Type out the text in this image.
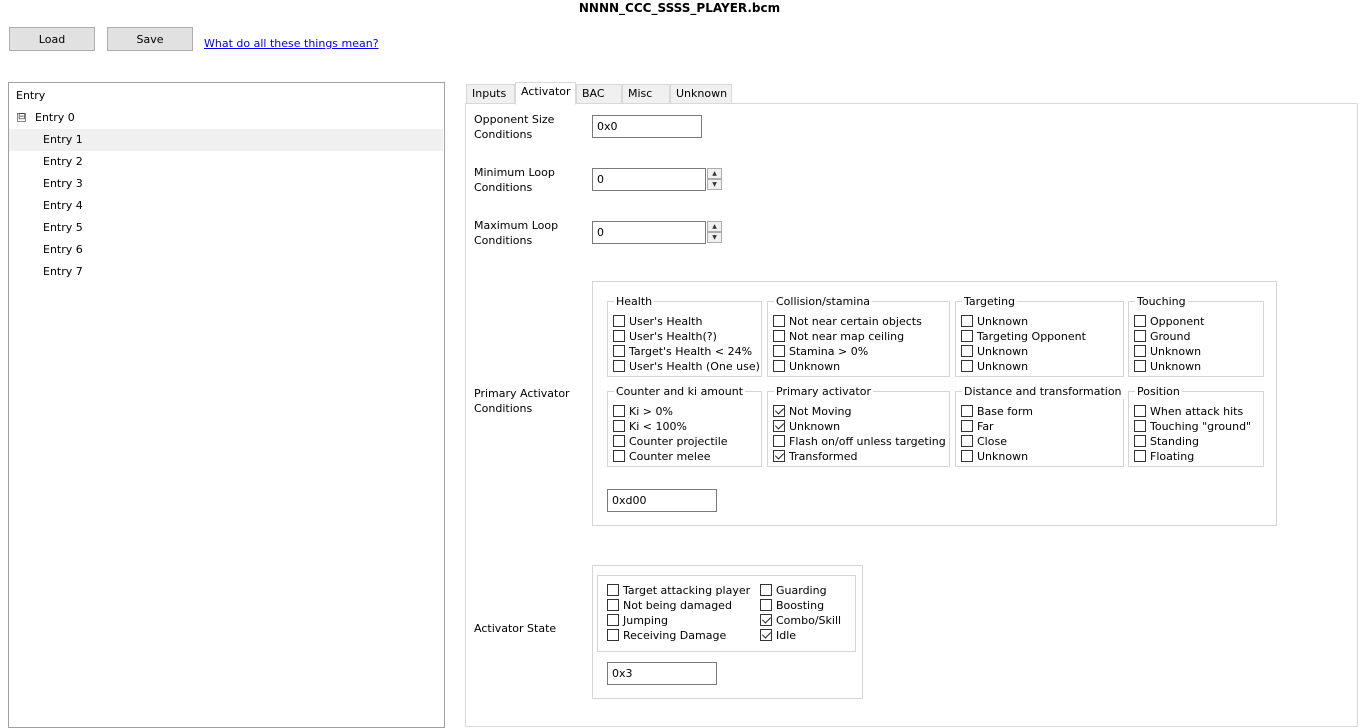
NNNN_CCC_SSSS_PLAYER.bcm
Load	Save	What do all these things mean?
Entry
⊟ Entry 0
Entry 1
Entry 2
Entry 3
Entry 4
Entry 5
Entry 6
Entry 7
Inputs	Activator	BAC	Misc	Unknown
Opponent Size
Conditions
0x0
Minimum Loop
Conditions
0	▲
▼
Maximum Loop
Conditions
0	▲
▼
Primary Activator
Conditions
Health
User's Health
User's Health(?)
Target's Health < 24%
User's Health (One use)
Collision/stamina
Not near certain objects
Not near map ceiling
Stamina > 0%
Unknown
Targeting
Unknown
Targeting Opponent
Unknown
Unknown
Touching
Opponent
Ground
Unknown
Unknown
Counter and ki amount
Ki > 0%
Ki < 100%
Counter projectile
Counter melee
Primary activator
Not Moving
Unknown
Flash on/off unless targeting
Transformed
Distance and transformation
Base form
Far
Close
Unknown
Position
When attack hits
Touching "ground"
Standing
Floating
0xd00
Activator State
Target attacking player
Not being damaged
Jumping
Receiving Damage
Guarding
Boosting
Combo/Skill
Idle
0x3
